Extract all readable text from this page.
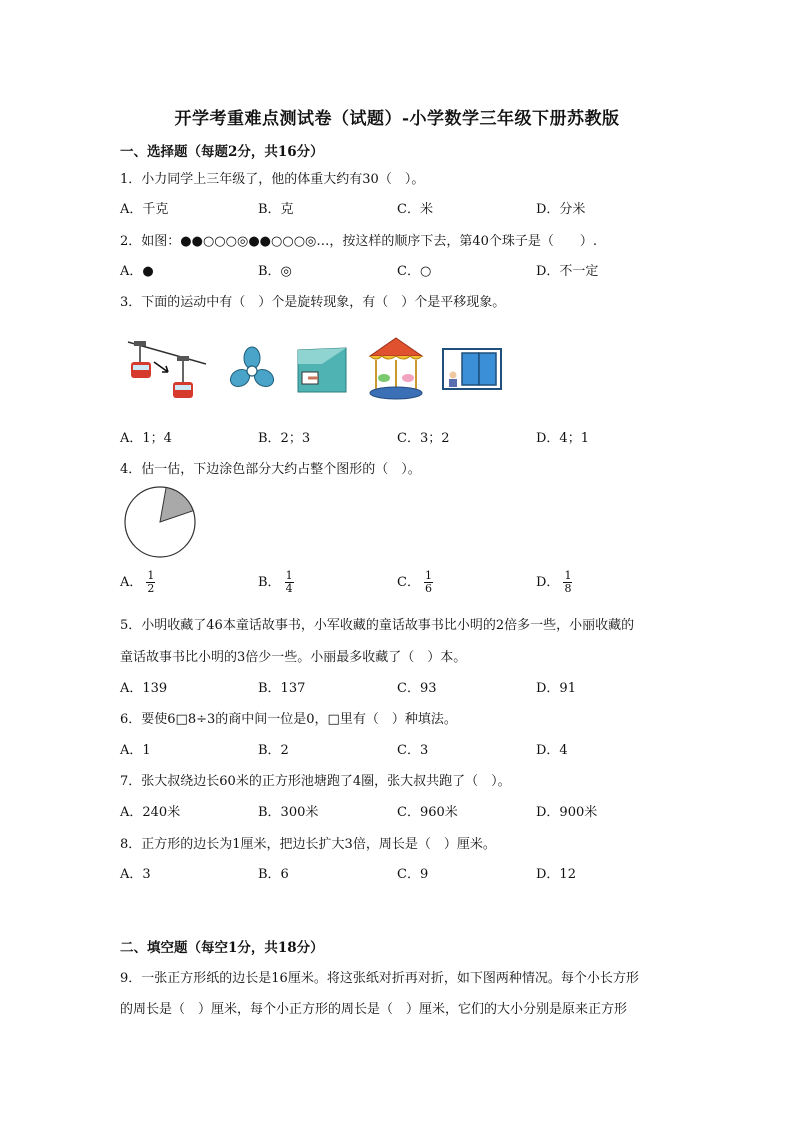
开学考重难点测试卷（试题）-小学数学三年级下册苏教版
一、选择题（每题2分，共16分）
1．小力同学上三年级了，他的体重大约有30（　）。
A．千克	B．克	C．米	D．分米
2．如图：●●○○○◎●●○○○◎…，按这样的顺序下去，第40个珠子是（　　）.
A．●	B．◎	C．○	D．不一定
3．下面的运动中有（　）个是旋转现象，有（　）个是平移现象。
A．1；4	B．2；3	C．3；2	D．4；1
4．估一估，下边涂色部分大约占整个图形的（　）。
A． $\frac{1}{2}$	B． $\frac{1}{4}$	C． $\frac{1}{6}$	D． $\frac{1}{8}$
5．小明收藏了46本童话故事书，小军收藏的童话故事书比小明的2倍多一些，小丽收藏的
童话故事书比小明的3倍少一些。小丽最多收藏了（　）本。
A．139	B．137	C．93	D．91
6．要使6□8÷3的商中间一位是0，□里有（　）种填法。
A．1	B．2	C．3	D．4
7．张大叔绕边长60米的正方形池塘跑了4圈，张大叔共跑了（　）。
A．240米	B．300米	C．960米	D．900米
8．正方形的边长为1厘米，把边长扩大3倍，周长是（　）厘米。
A．3	B．6	C．9	D．12
二、填空题（每空1分，共18分）
9．一张正方形纸的边长是16厘米。将这张纸对折再对折，如下图两种情况。每个小长方形
的周长是（　）厘米，每个小正方形的周长是（　）厘米，它们的大小分别是原来正方形
